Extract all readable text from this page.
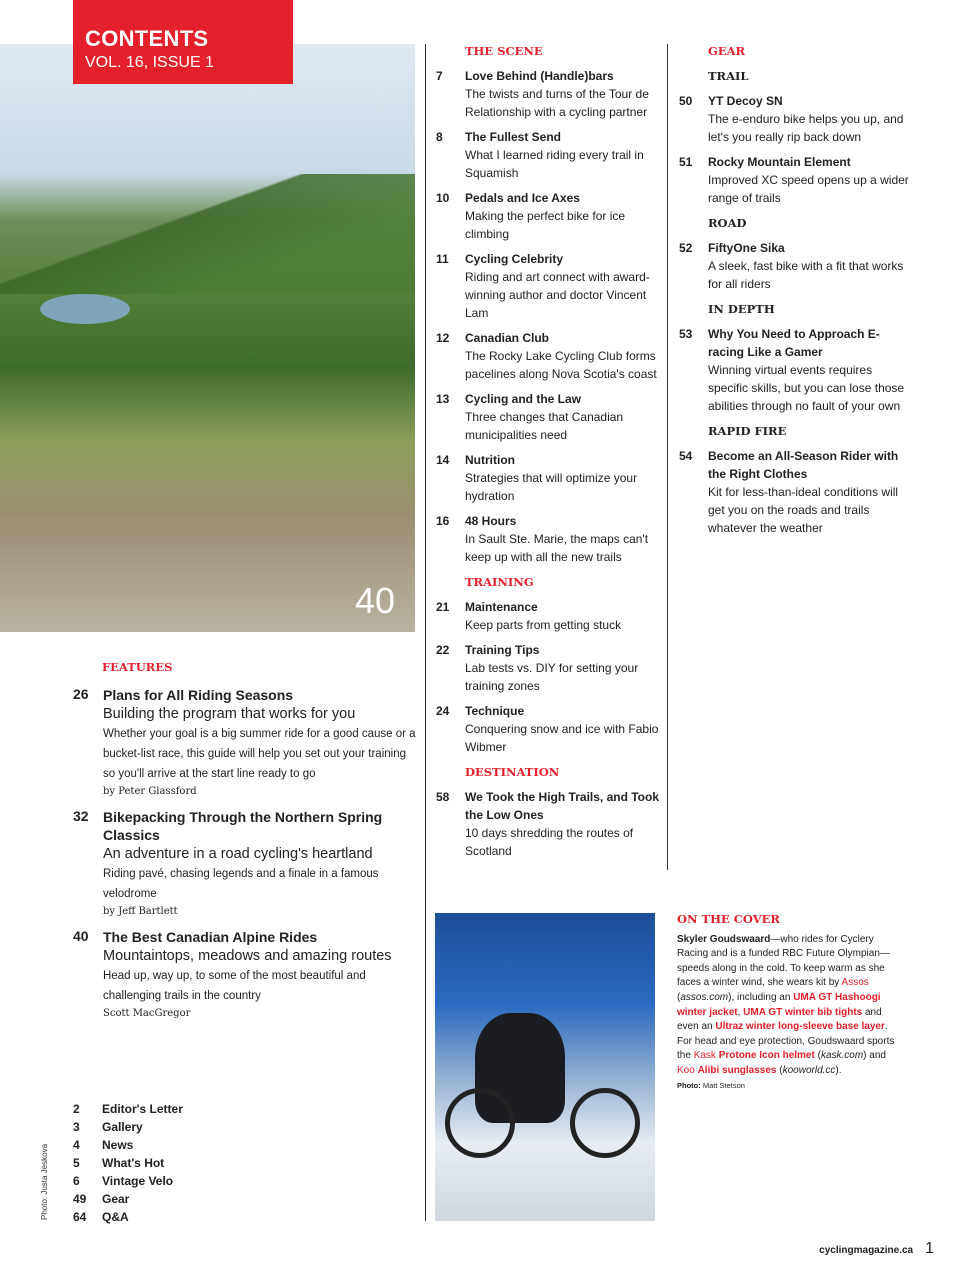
CONTENTS
VOL. 16, ISSUE 1
40
Photo: Justa Jeskova
FEATURES
26	Plans for All Riding Seasons
Building the program that works for you
Whether your goal is a big summer ride for a good cause or a bucket-list race, this guide will help you set out your training so you'll arrive at the start line ready to go
by Peter Glassford
32	Bikepacking Through the Northern Spring Classics
An adventure in a road cycling's heartland
Riding pavé, chasing legends and a finale in a famous velodrome
by Jeff Bartlett
40	The Best Canadian Alpine Rides
Mountaintops, meadows and amazing routes
Head up, way up, to some of the most beautiful and challenging trails in the country
Scott MacGregor
2	Editor's Letter
3	Gallery
4	News
5	What's Hot
6	Vintage Velo
49	Gear
64	Q&A
THE SCENE
7	Love Behind (Handle)bars
The twists and turns of the Tour de Relationship with a cycling partner
8	The Fullest Send
What I learned riding every trail in Squamish
10	Pedals and Ice Axes
Making the perfect bike for ice climbing
11	Cycling Celebrity
Riding and art connect with award-winning author and doctor Vincent Lam
12	Canadian Club
The Rocky Lake Cycling Club forms pacelines along Nova Scotia's coast
13	Cycling and the Law
Three changes that Canadian municipalities need
14	Nutrition
Strategies that will optimize your hydration
16	48 Hours
In Sault Ste. Marie, the maps can't keep up with all the new trails
TRAINING
21	Maintenance
Keep parts from getting stuck
22	Training Tips
Lab tests vs. DIY for setting your training zones
24	Technique
Conquering snow and ice with Fabio Wibmer
DESTINATION
58	We Took the High Trails, and Took the Low Ones
10 days shredding the routes of Scotland
GEAR
TRAIL
50	YT Decoy SN
The e-enduro bike helps you up, and let's you really rip back down
51	Rocky Mountain Element
Improved XC speed opens up a wider range of trails
ROAD
52	FiftyOne Sika
A sleek, fast bike with a fit that works for all riders
IN DEPTH
53	Why You Need to Approach E-racing Like a Gamer
Winning virtual events requires specific skills, but you can lose those abilities through no fault of your own
RAPID FIRE
54	Become an All-Season Rider with the Right Clothes
Kit for less-than-ideal conditions will get you on the roads and trails whatever the weather
ON THE COVER
Skyler Goudswaard—who rides for Cyclery Racing and is a funded RBC Future Olympian—speeds along in the cold. To keep warm as she faces a winter wind, she wears kit by Assos (assos.com), including an UMA GT Hashoogi winter jacket, UMA GT winter bib tights and even an Ultraz winter long-sleeve base layer. For head and eye protection, Goudswaard sports the Kask Protone Icon helmet (kask.com) and Koo Alibi sunglasses (kooworld.cc).
Photo: Matt Stetson
cyclingmagazine.ca 1
